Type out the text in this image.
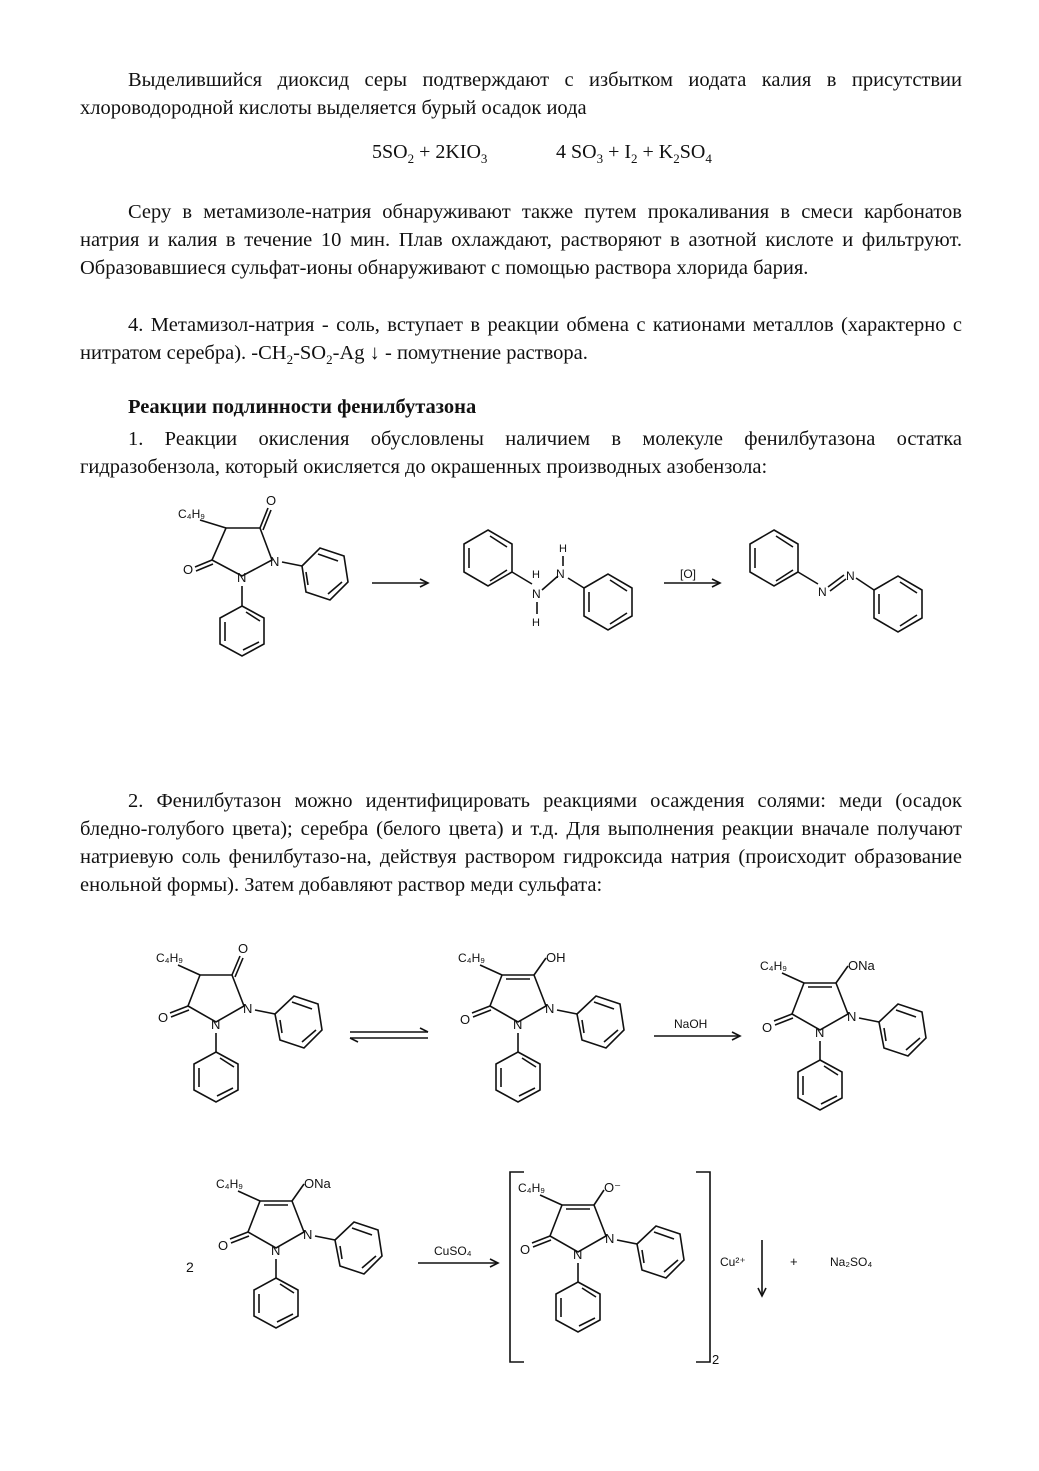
Выделившийся диоксид серы подтверждают с избытком иодата калия в присутствии хлороводородной кислоты выделяется бурый осадок иода

$5SO_2 + 2KIO_3$	4 $SO_3 + I_2 + K_2SO_4$

Серу в метамизоле-натрия обнаруживают также путем прокаливания в смеси карбонатов натрия и калия в течение 10 мин. Плав охлаждают, растворяют в азотной кислоте и фильтруют. Образовавшиеся сульфат-ионы обнаруживают с помощью раствора хлорида бария.

4. Метамизол-натрия - соль, вступает в реакции обмена с катионами металлов (характерно с нитратом серебра). $-CH_2-SO_2-Ag$ ↓ - помутнение раствора.

Реакции подлинности фенилбутазона

1. Реакции окисления обусловлены наличием в молекуле фенилбутазона остатка гидразобензола, который окисляется до окрашенных производных азобензола:

C₄H₉
O
O
N
N
N
H
H
N
H
[O]
N
N

2. Фенилбутазон можно идентифицировать реакциями осаждения солями: меди (осадок бледно-голубого цвета); серебра (белого цвета) и т.д. Для выполнения реакции вначале получают натриевую соль фенилбутазо-на, действуя раствором гидроксида натрия (происходит образование енольной формы). Затем добавляют раствор меди сульфата:

C₄H₉
O
O
N
N
C₄H₉	OH
O
N
N	NaOH
C₄H₉	ONa
O
N
N
2
C₄H₉	ONa
O
N
N	CuSO₄
2
C₄H₉	O⁻
O
N
N	Cu²⁺	+	Na₂SO₄
